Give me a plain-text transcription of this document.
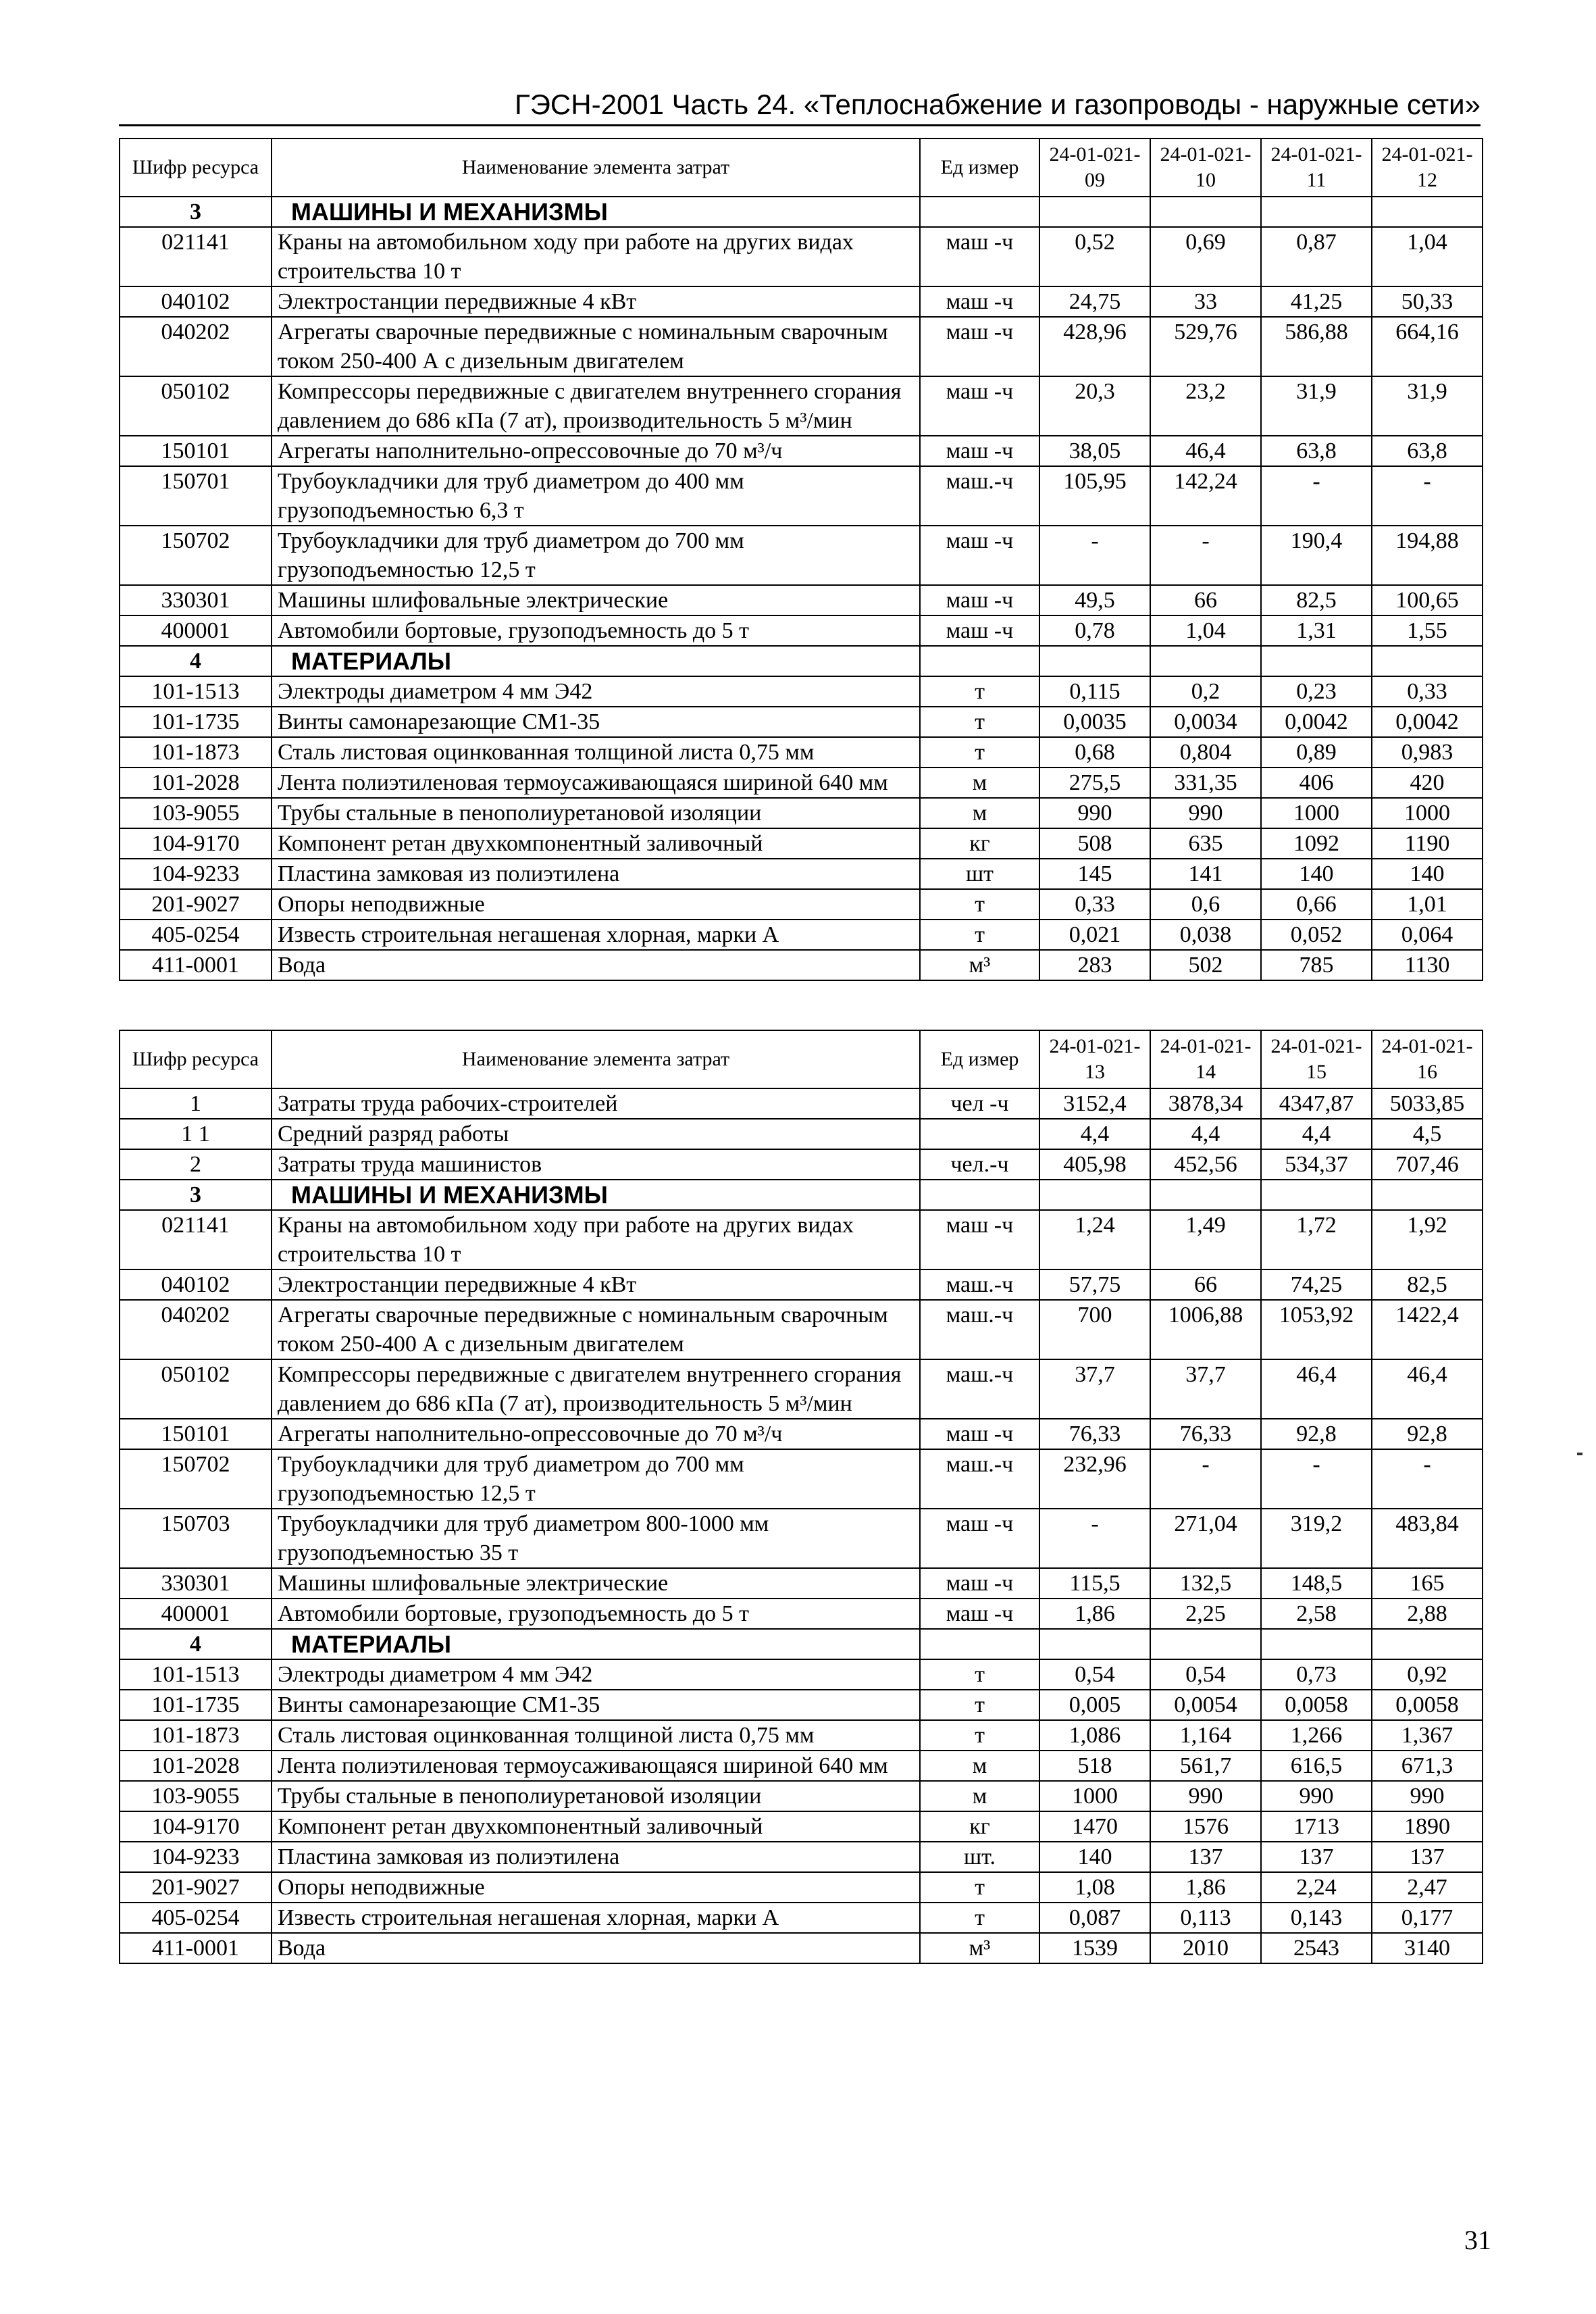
ГЭСН-2001 Часть 24. «Теплоснабжение и газопроводы - наружные сети»
Шифр ресурса	Наименование элемента затрат	Ед измер	24-01-021-09	24-01-021-10	24-01-021-11	24-01-021-12
3	МАШИНЫ И МЕХАНИЗМЫ					
021141	Краны на автомобильном ходу при работе на других видах строительства 10 т	маш -ч	0,52	0,69	0,87	1,04
040102	Электростанции передвижные 4 кВт	маш -ч	24,75	33	41,25	50,33
040202	Агрегаты сварочные передвижные с номинальным сварочным током 250-400 А с дизельным двигателем	маш -ч	428,96	529,76	586,88	664,16
050102	Компрессоры передвижные с двигателем внутреннего сгорания давлением до 686 кПа (7 ат), производительность 5 м³/мин	маш -ч	20,3	23,2	31,9	31,9
150101	Агрегаты наполнительно-опрессовочные до 70 м³/ч	маш -ч	38,05	46,4	63,8	63,8
150701	Трубоукладчики для труб диаметром до 400 мм грузоподъемностью 6,3 т	маш.-ч	105,95	142,24	-	-
150702	Трубоукладчики для труб диаметром до 700 мм грузоподъемностью 12,5 т	маш -ч	-	-	190,4	194,88
330301	Машины шлифовальные электрические	маш -ч	49,5	66	82,5	100,65
400001	Автомобили бортовые, грузоподъемность до 5 т	маш -ч	0,78	1,04	1,31	1,55
4	МАТЕРИАЛЫ					
101-1513	Электроды диаметром 4 мм Э42	т	0,115	0,2	0,23	0,33
101-1735	Винты самонарезающие СМ1-35	т	0,0035	0,0034	0,0042	0,0042
101-1873	Сталь листовая оцинкованная толщиной листа 0,75 мм	т	0,68	0,804	0,89	0,983
101-2028	Лента полиэтиленовая термоусаживающаяся шириной 640 мм	м	275,5	331,35	406	420
103-9055	Трубы стальные в пенополиуретановой изоляции	м	990	990	1000	1000
104-9170	Компонент ретан двухкомпонентный заливочный	кг	508	635	1092	1190
104-9233	Пластина замковая из полиэтилена	шт	145	141	140	140
201-9027	Опоры неподвижные	т	0,33	0,6	0,66	1,01
405-0254	Известь строительная негашеная хлорная, марки А	т	0,021	0,038	0,052	0,064
411-0001	Вода	м³	283	502	785	1130
Шифр ресурса	Наименование элемента затрат	Ед измер	24-01-021-13	24-01-021-14	24-01-021-15	24-01-021-16
1	Затраты труда рабочих-строителей	чел -ч	3152,4	3878,34	4347,87	5033,85
1 1	Средний разряд работы		4,4	4,4	4,4	4,5
2	Затраты труда машинистов	чел.-ч	405,98	452,56	534,37	707,46
3	МАШИНЫ И МЕХАНИЗМЫ					
021141	Краны на автомобильном ходу при работе на других видах строительства 10 т	маш -ч	1,24	1,49	1,72	1,92
040102	Электростанции передвижные 4 кВт	маш.-ч	57,75	66	74,25	82,5
040202	Агрегаты сварочные передвижные с номинальным сварочным током 250-400 А с дизельным двигателем	маш.-ч	700	1006,88	1053,92	1422,4
050102	Компрессоры передвижные с двигателем внутреннего сгорания давлением до 686 кПа (7 ат), производительность 5 м³/мин	маш.-ч	37,7	37,7	46,4	46,4
150101	Агрегаты наполнительно-опрессовочные до 70 м³/ч	маш -ч	76,33	76,33	92,8	92,8
150702	Трубоукладчики для труб диаметром до 700 мм грузоподъемностью 12,5 т	маш.-ч	232,96	-	-	-
150703	Трубоукладчики для труб диаметром 800-1000 мм грузоподъемностью 35 т	маш -ч	-	271,04	319,2	483,84
330301	Машины шлифовальные электрические	маш -ч	115,5	132,5	148,5	165
400001	Автомобили бортовые, грузоподъемность до 5 т	маш -ч	1,86	2,25	2,58	2,88
4	МАТЕРИАЛЫ					
101-1513	Электроды диаметром 4 мм Э42	т	0,54	0,54	0,73	0,92
101-1735	Винты самонарезающие СМ1-35	т	0,005	0,0054	0,0058	0,0058
101-1873	Сталь листовая оцинкованная толщиной листа 0,75 мм	т	1,086	1,164	1,266	1,367
101-2028	Лента полиэтиленовая термоусаживающаяся шириной 640 мм	м	518	561,7	616,5	671,3
103-9055	Трубы стальные в пенополиуретановой изоляции	м	1000	990	990	990
104-9170	Компонент ретан двухкомпонентный заливочный	кг	1470	1576	1713	1890
104-9233	Пластина замковая из полиэтилена	шт.	140	137	137	137
201-9027	Опоры неподвижные	т	1,08	1,86	2,24	2,47
405-0254	Известь строительная негашеная хлорная, марки А	т	0,087	0,113	0,143	0,177
411-0001	Вода	м³	1539	2010	2543	3140
31
